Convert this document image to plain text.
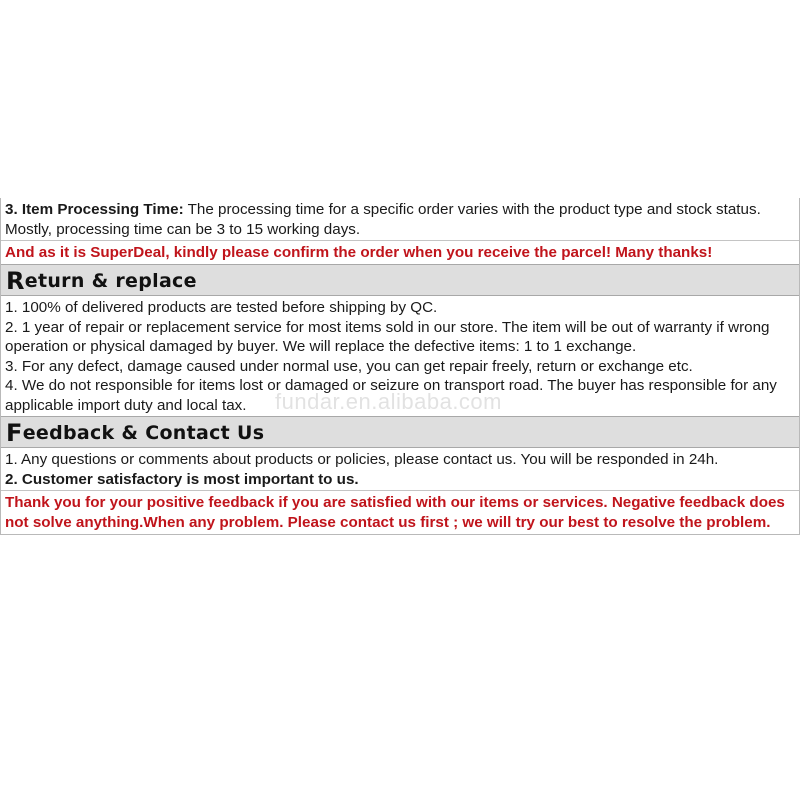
3. Item Processing Time: The processing time for a specific order varies with the product type and stock status. Mostly, processing time can be 3 to 15 working days.
And as it is SuperDeal, kindly please confirm the order when you receive the parcel! Many thanks!
R eturn & replace
1. 100% of delivered products are tested before shipping by QC.
2. 1 year of repair or replacement service for most items sold in our store. The item will be out of warranty if wrong operation or physical damaged by buyer. We will replace the defective items: 1 to 1 exchange.
3. For any defect, damage caused under normal use, you can get repair freely, return or exchange etc.
4. We do not responsible for items lost or damaged or seizure on transport road. The buyer has responsible for any applicable import duty and local tax.
F eedback & Contact Us
1. Any questions or comments about products or policies, please contact us. You will be responded in 24h.
2. Customer satisfactory is most important to us.
Thank you for your positive feedback if you are satisfied with our items or services. Negative feedback does not solve anything.When any problem. Please contact us first ; we will try our best to resolve the problem.
fundar.en.alibaba.com
